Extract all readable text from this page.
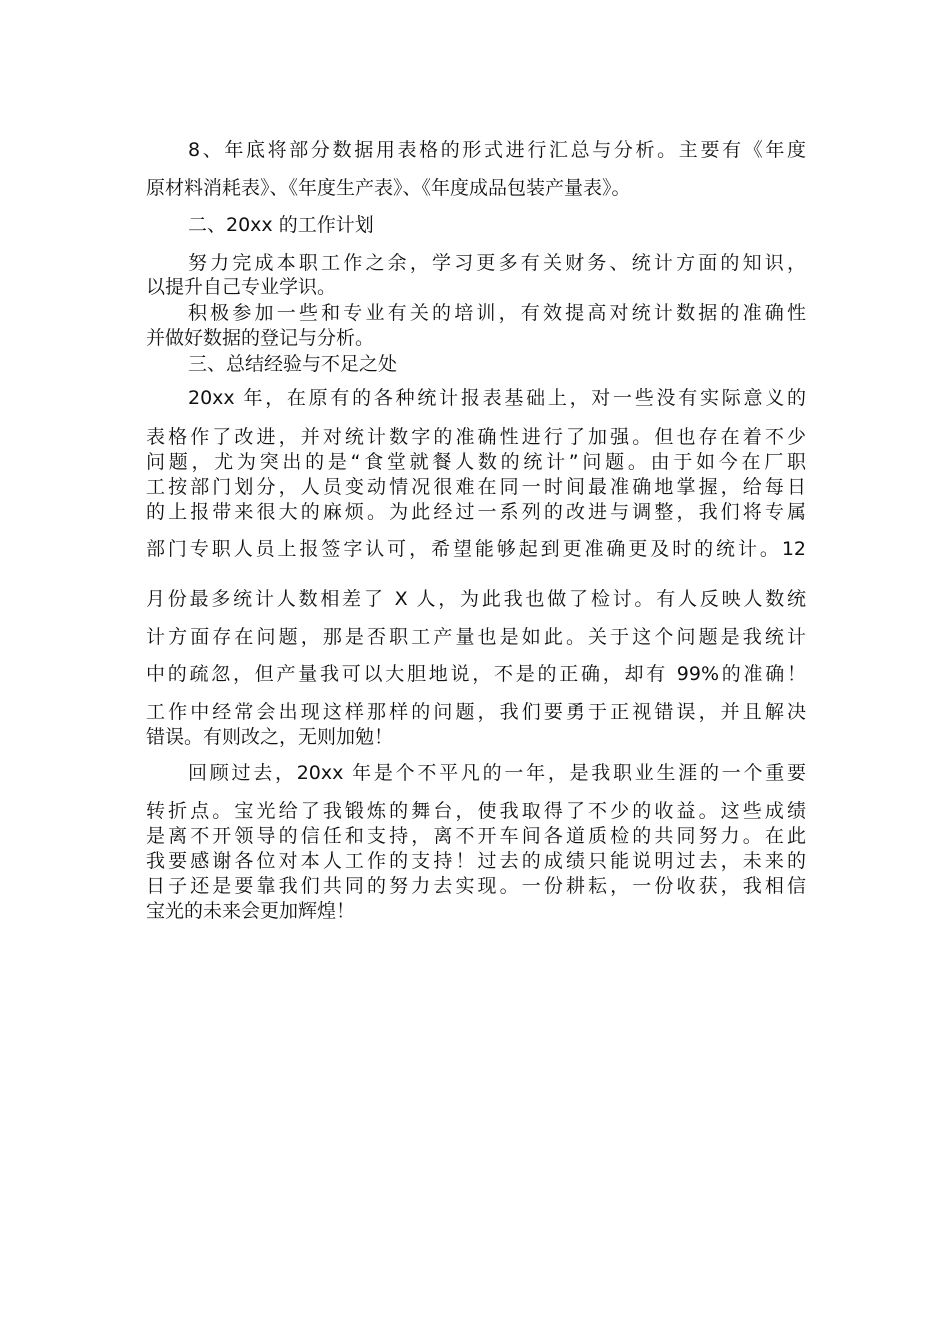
8、年底将部分数据用表格的形式进行汇总与分析。主要有《年度
原材料消耗表》、《年度生产表》、《年度成品包装产量表》。
二、20xx 的工作计划
努力完成本职工作之余，学习更多有关财务、统计方面的知识，
以提升自己专业学识。
积极参加一些和专业有关的培训，有效提高对统计数据的准确性
并做好数据的登记与分析。
三、总结经验与不足之处
20xx 年，在原有的各种统计报表基础上，对一些没有实际意义的
表格作了改进，并对统计数字的准确性进行了加强。但也存在着不少
问题，尤为突出的是“食堂就餐人数的统计”问题。由于如今在厂职
工按部门划分，人员变动情况很难在同一时间最准确地掌握，给每日
的上报带来很大的麻烦。为此经过一系列的改进与调整，我们将专属
部门专职人员上报签字认可，希望能够起到更准确更及时的统计。12
月份最多统计人数相差了 X 人，为此我也做了检讨。有人反映人数统
计方面存在问题，那是否职工产量也是如此。关于这个问题是我统计
中的疏忽，但产量我可以大胆地说，不是的正确，却有 99%的准确！
工作中经常会出现这样那样的问题，我们要勇于正视错误，并且解决
错误。有则改之，无则加勉！
回顾过去，20xx 年是个不平凡的一年，是我职业生涯的一个重要
转折点。宝光给了我锻炼的舞台，使我取得了不少的收益。这些成绩
是离不开领导的信任和支持，离不开车间各道质检的共同努力。在此
我要感谢各位对本人工作的支持！过去的成绩只能说明过去，未来的
日子还是要靠我们共同的努力去实现。一份耕耘，一份收获，我相信
宝光的未来会更加辉煌！
